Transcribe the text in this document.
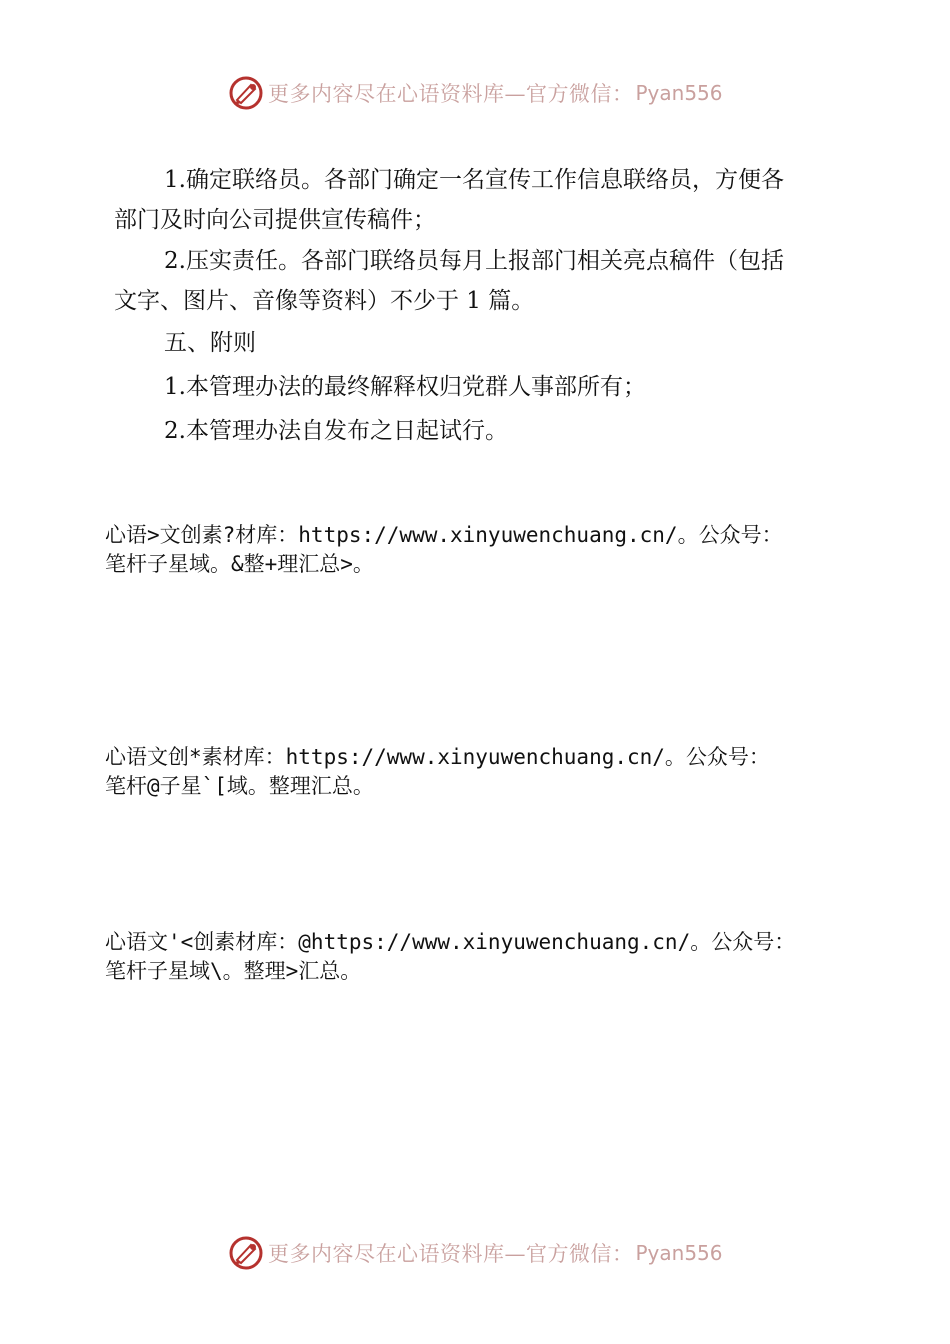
更多内容尽在心语资料库—官方微信： Pyan556
1.确定联络员。各部门确定一名宣传工作信息联络员，方便各
部门及时向公司提供宣传稿件；
2.压实责任。各部门联络员每月上报部门相关亮点稿件（包括
文字、图片、音像等资料）不少于 1 篇。
五、附则
1.本管理办法的最终解释权归党群人事部所有；
2.本管理办法自发布之日起试行。
心语>文创素?材库：https://www.xinyuwenchuang.cn/。公众号：
笔杆子星域。&整+理汇总>。
心语文创*素材库：https://www.xinyuwenchuang.cn/。公众号：
笔杆@子星`[域。整理汇总。
心语文'<创素材库：@https://www.xinyuwenchuang.cn/。公众号：
笔杆子星域\。整理>汇总。
更多内容尽在心语资料库—官方微信： Pyan556
